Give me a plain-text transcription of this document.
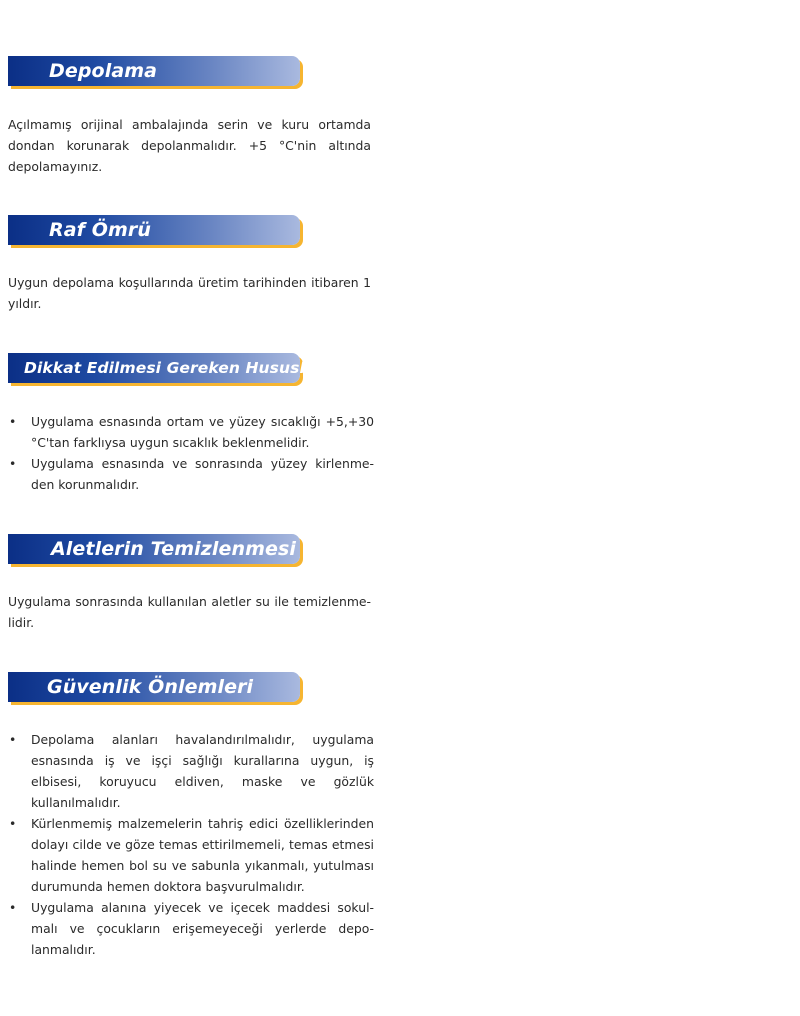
Depolama

Açılmamış orijinal ambalajında serin ve kuru ortamda dondan korunarak depolanmalıdır. +5 °C'nin altında depolamayınız.

Raf Ömrü

Uygun depolama koşullarında üretim tarihinden itibaren 1 yıldır.

Dikkat Edilmesi Gereken Hususlar
• Uygulama esnasında ortam ve yüzey sıcaklığı +5,+30 °C'tan farklıysa uygun sıcaklık beklenmelidir.
• Uygulama esnasında ve sonrasında yüzey kirlenme-den korunmalıdır.
Aletlerin Temizlenmesi

Uygulama sonrasında kullanılan aletler su ile temizlenme-lidir.

Güvenlik Önlemleri
• Depolama alanları havalandırılmalıdır, uygulama esnasında iş ve işçi sağlığı kurallarına uygun, iş elbisesi, koruyucu eldiven, maske ve gözlük kullanılmalıdır.
• Kürlenmemiş malzemelerin tahriş edici özelliklerinden dolayı cilde ve göze temas ettirilmemeli, temas etmesi halinde hemen bol su ve sabunla yıkanmalı, yutulması durumunda hemen doktora başvurulmalıdır.
• Uygulama alanına yiyecek ve içecek maddesi sokul-malı ve çocukların erişemeyeceği yerlerde depo-lanmalıdır.
